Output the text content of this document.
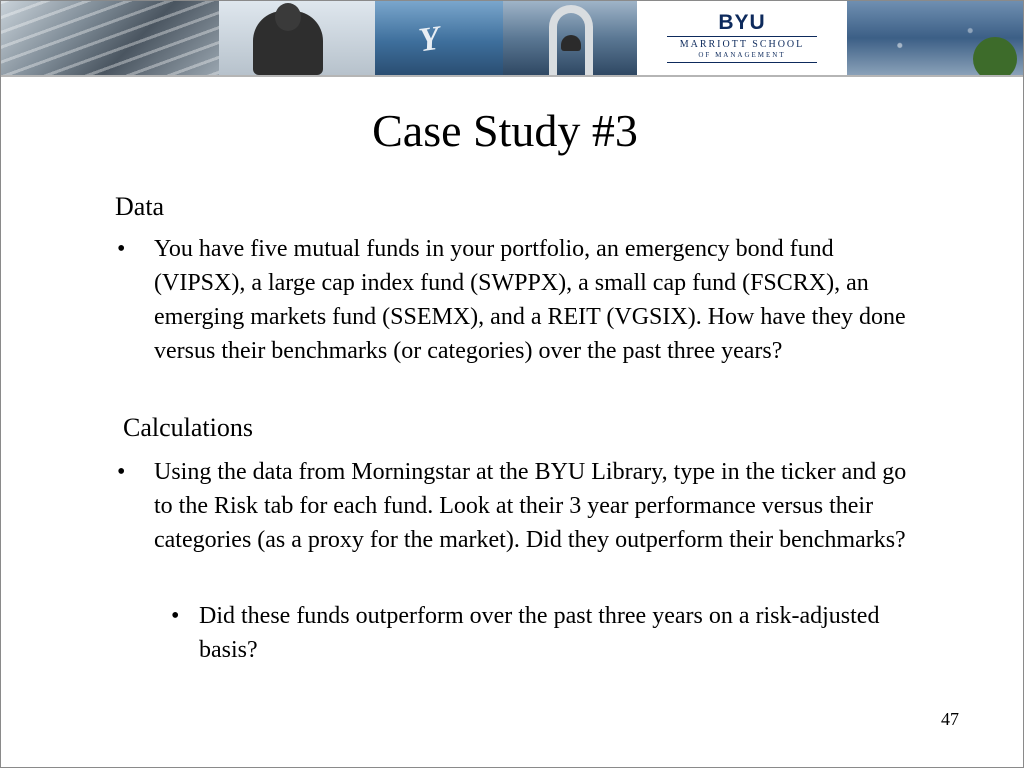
Y	BYU
MARRIOTT SCHOOL
OF MANAGEMENT
Case Study #3
Data
•	You have five mutual funds in your portfolio, an emergency bond fund (VIPSX), a large cap index fund (SWPPX), a small cap fund (FSCRX), an emerging markets fund (SSEMX), and a REIT (VGSIX). How have they done versus their benchmarks (or categories) over the past three years?
Calculations
•	Using the data from Morningstar at the BYU Library, type in the ticker and go to the Risk tab for each fund. Look at their 3 year performance versus their categories (as a proxy for the market). Did they outperform their benchmarks?
• Did these funds outperform over the past three years on a risk-adjusted basis?
47
